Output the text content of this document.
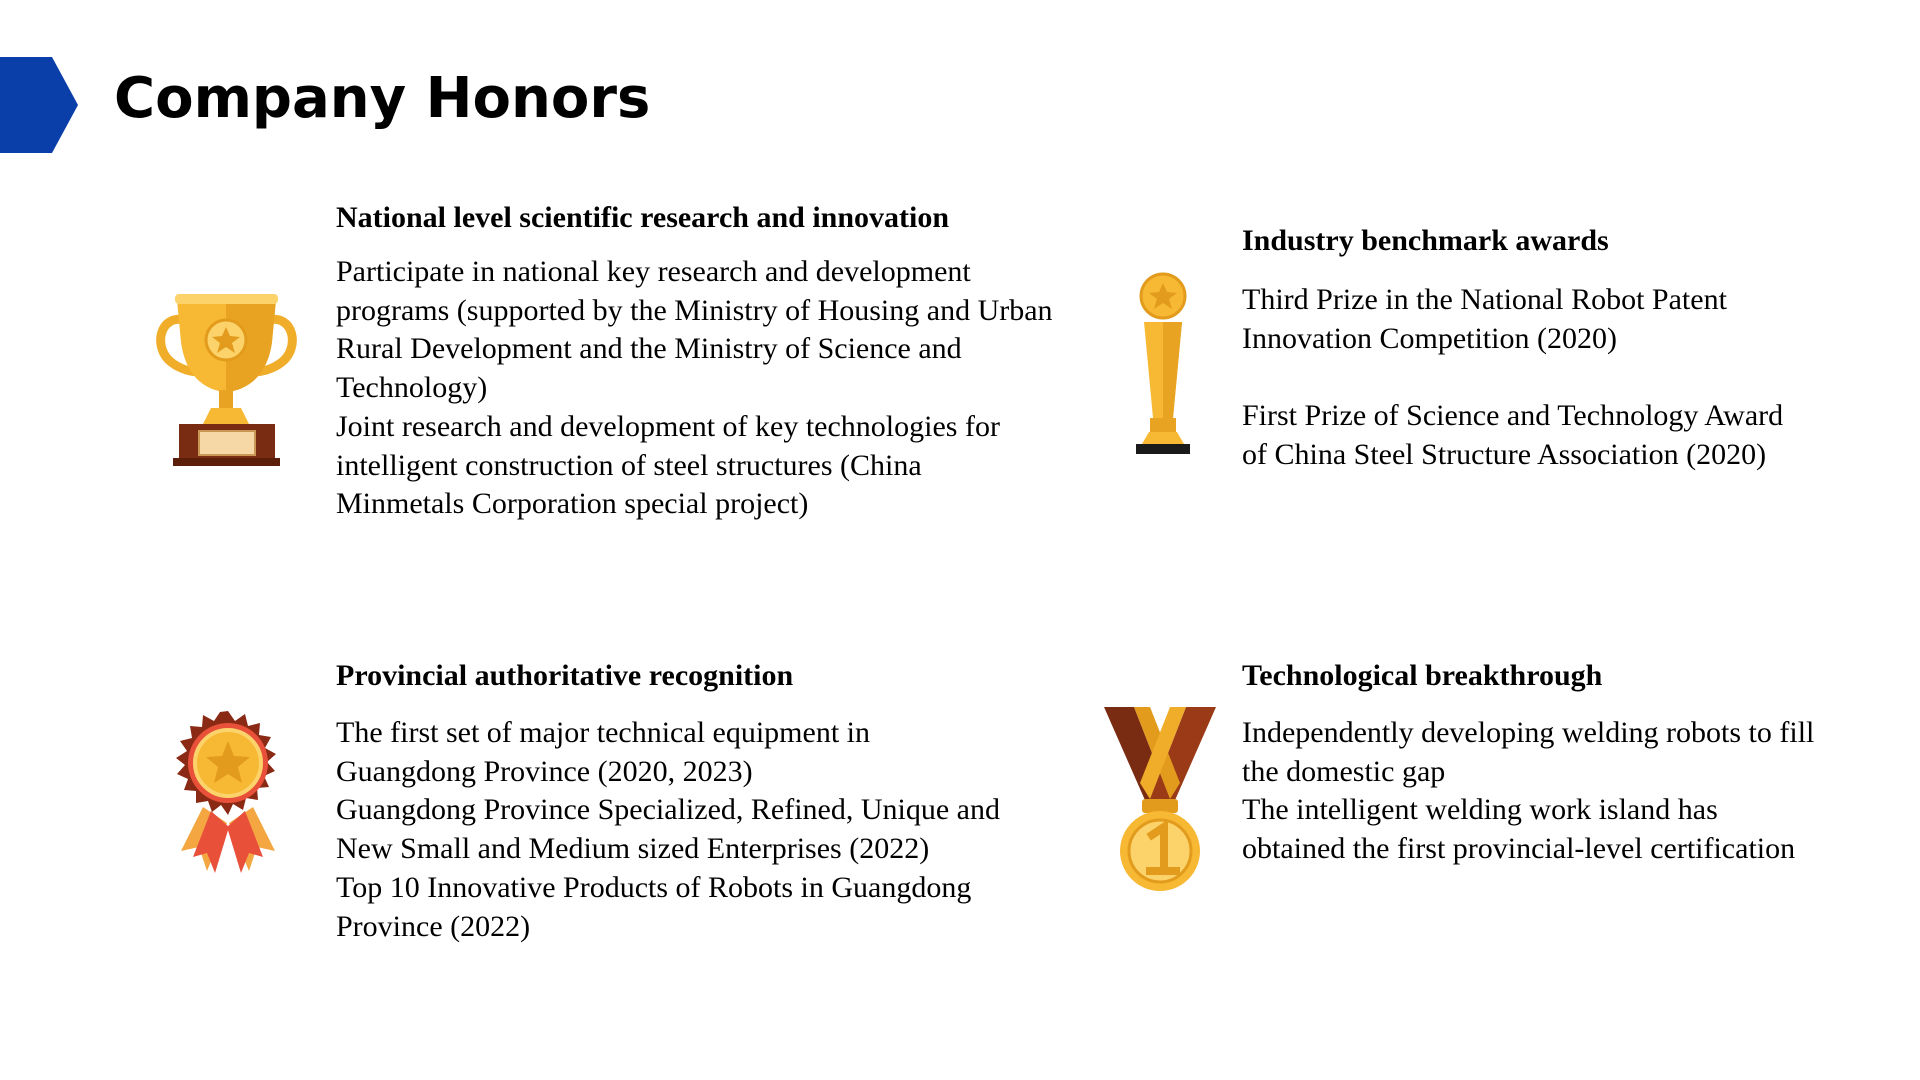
Company Honors
National level scientific research and innovation
Participate in national key research and development
programs (supported by the Ministry of Housing and Urban
Rural Development and the Ministry of Science and
Technology)
Joint research and development of key technologies for
intelligent construction of steel structures (China
Minmetals Corporation special project)
Industry benchmark awards
Third Prize in the National Robot Patent
Innovation Competition (2020)
First Prize of Science and Technology Award
of China Steel Structure Association (2020)
Provincial authoritative recognition
The first set of major technical equipment in
Guangdong Province (2020, 2023)
Guangdong Province Specialized, Refined, Unique and
New Small and Medium sized Enterprises (2022)
Top 10 Innovative Products of Robots in Guangdong
Province (2022)
Technological breakthrough
Independently developing welding robots to fill
the domestic gap
The intelligent welding work island has
obtained the first provincial-level certification
